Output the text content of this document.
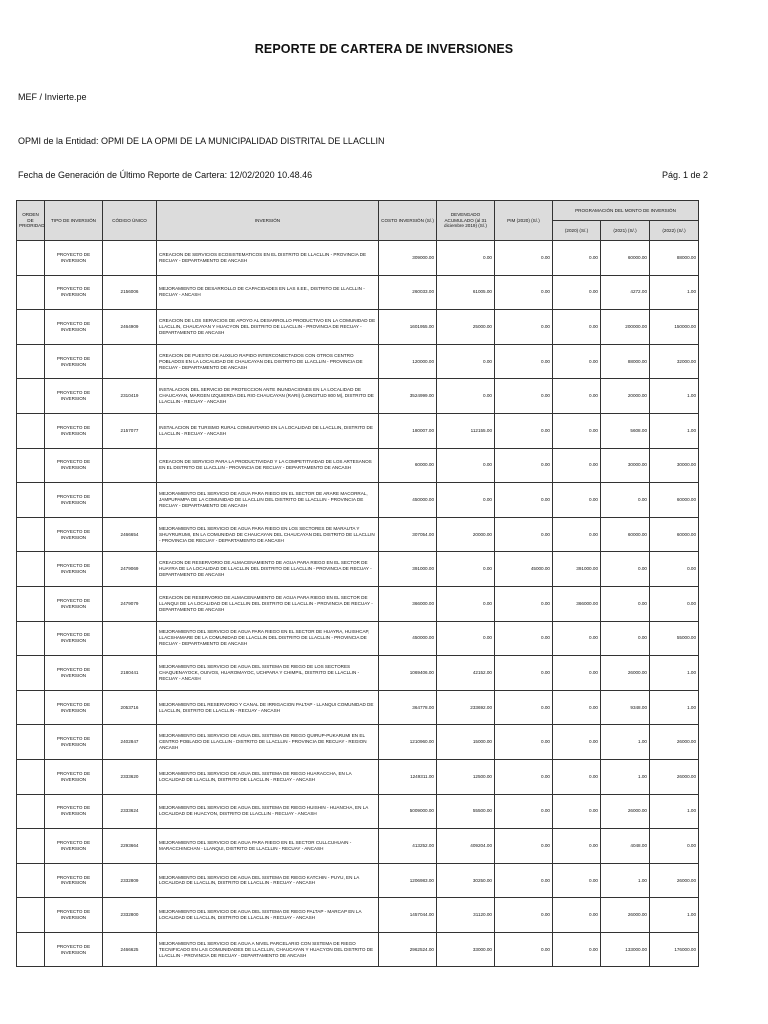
REPORTE DE CARTERA DE INVERSIONES
MEF / Invierte.pe
OPMI de la Entidad: OPMI DE LA OPMI DE LA MUNICIPALIDAD DISTRITAL DE LLACLLIN
Fecha de Generación de Último Reporte de Cartera: 12/02/2020 10.48.46	Pág. 1 de 2
ORDEN DE PRIORIDAD	TIPO DE INVERSIÓN	CÓDIGO ÚNICO	INVERSIÓN	COSTO INVERSIÓN (S/.)	DEVENGADO ACUMULADO (al 31 diciembre 2019) (S/.)	PIM (2020) (S/.)	PROGRAMACIÓN DEL MONTO DE INVERSIÓN		
							(2020) (S/.)	(2021) (S/.)	(2022) (S/.)
	PROYECTO DE INVERSION		CREACION DE SERVICIOS ECOSISTEMATICOS EN EL DISTRITO DE LLACLLIN - PROVINCIA DE RECUAY - DEPARTAMENTO DE ANCASH	309000.00	0.00	0.00	0.00	60000.00	88000.00
	PROYECTO DE INVERSION	2156006	MEJORAMIENTO DE DESARROLLO DE CAPACIDADES EN LAS II.EE., DISTRITO DE LLACLLIN - RECUAY - ANCASH	260033.00	61005.00	0.00	0.00	4272.00	1.00
	PROYECTO DE INVERSION	2464909	CREACION DE LOS SERVICIOS DE APOYO AL DESARROLLO PRODUCTIVO EN LA COMUNIDAD DE LLACLLIN, CHAUCAYAN Y HUACYON DEL DISTRITO DE LLACLLIN - PROVINCIA DE RECUAY - DEPARTAMENTO DE ANCASH	1601955.00	25000.00	0.00	0.00	200000.00	150000.00
	PROYECTO DE INVERSION		CREACION DE PUESTO DE AUXILIO RAPIDO INTERCONECTADOS CON OTROS CENTRO POBLADOS EN LA LOCALIDAD DE CHAUCAYAN DEL DISTRITO DE LLACLLIN - PROVINCIA DE RECUAY - DEPARTAMENTO DE ANCASH	120000.00	0.00	0.00	0.00	88000.00	32000.00
	PROYECTO DE INVERSION	2310419	INSTALACION DEL SERVICIO DE PROTECCION ANTE INUNDACIONES EN LA LOCALIDAD DE CHAUCAYAN, MARGEN IZQUIERDA DEL RIO CHAUCAYAN (RARI) (LONGITUD 800 M), DISTRITO DE LLACLLIN - RECUAY - ANCASH	3524999.00	0.00	0.00	0.00	20000.00	1.00
	PROYECTO DE INVERSION	2157077	INSTALACION DE TURISMO RURAL COMUNITARIO EN LA LOCALIDAD DE LLACLLIN, DISTRITO DE LLACLLIN - RECUAY - ANCASH	180007.00	112155.00	0.00	0.00	5608.00	1.00
	PROYECTO DE INVERSION		CREACION DE SERVICIO PARA LA PRODUCTIVIDAD Y LA COMPETITIVIDAD DE LOS ARTESANOS EN EL DISTRITO DE LLACLLIN - PROVINCIA DE RECUAY - DEPARTAMENTO DE ANCASH	60000.00	0.00	0.00	0.00	30000.00	30000.00
	PROYECTO DE INVERSION		MEJORAMIENTO DEL SERVICIO DE AGUA PARA RIEGO EN EL SECTOR DE ARARE MACORRAL, JAMPUPAMPA DE LA COMUNIDAD DE LLACLLIN DEL DISTRITO DE LLACLLIN - PROVINCIA DE RECUAY - DEPARTAMENTO DE ANCASH	450000.00	0.00	0.00	0.00	0.00	60000.00
	PROYECTO DE INVERSION	2466654	MEJORAMIENTO DEL SERVICIO DE AGUA PARA RIEGO EN LOS SECTORES DE MARAUTA Y SHUYRURUMI, EN LA COMUNIDAD DE CHAUCAYAN DEL CHAUCAYAN DEL DISTRITO DE LLACLLIN - PROVINCIA DE RECUAY - DEPARTAMENTO DE ANCASH	307054.00	20000.00	0.00	0.00	60000.00	60000.00
	PROYECTO DE INVERSION	2479069	CREACION DE RESERVORIO DE ALMACENAMIENTO DE AGUA PARA RIEGO EN EL SECTOR DE HUAYRA DE LA LOCALIDAD DE LLACLLIN DEL DISTRITO DE LLACLLIN - PROVINCIA DE RECUAY - DEPARTAMENTO DE ANCASH	391000.00	0.00	45000.00	391000.00	0.00	0.00
	PROYECTO DE INVERSION	2479079	CREACION DE RESERVORIO DE ALMACENAMIENTO DE AGUA PARA RIEGO EN EL SECTOR DE LLANQUI DE LA LOCALIDAD DE LLACLLIN DEL DISTRITO DE LLACLLIN - PROVINCIA DE RECUAY - DEPARTAMENTO DE ANCASH	366000.00	0.00	0.00	366000.00	0.00	0.00
	PROYECTO DE INVERSION		MEJORAMIENTO DEL SERVICIO DE AGUA PARA RIEGO EN EL SECTOR DE HUAYRA, HUISHCAP, LLACSHAMARE DE LA COMUNIDAD DE LLACLLIN DEL DISTRITO DE LLACLLIN - PROVINCIA DE RECUAY - DEPARTAMENTO DE ANCASH	450000.00	0.00	0.00	0.00	0.00	55000.00
	PROYECTO DE INVERSION	2180441	MEJORAMIENTO DEL SERVICIO DE AGUA DEL SISTEMA DE RIEGO DE LOS SECTORES CHAQUENAYOCK, OUIVOS, HUAROMAYOC, UCHPARA Y CHIMPIL, DISTRITO DE LLACLLIN - RECUAY - ANCASH	1069406.00	42152.00	0.00	0.00	26000.00	1.00
	PROYECTO DE INVERSION	2053716	MEJORAMIENTO DEL RESERVORIO Y CANAL DE IRRIGACION PALTAP - LLANQUI COMUNIDAD DE LLACLLIN, DISTRITO DE LLACLLIN - RECUAY - ANCASH	364778.00	233692.00	0.00	0.00	9348.00	1.00
	PROYECTO DE INVERSION	2402847	MEJORAMIENTO DEL SERVICIO DE AGUA DEL SISTEMA DE RIEGO QUIRUP-PUKARUMI EN EL CENTRO POBLADO DE LLACLLIN - DISTRITO DE LLACLLIN - PROVINCIA DE RECUAY - REGION ANCASH	1210960.00	15000.00	0.00	0.00	1.00	26000.00
	PROYECTO DE INVERSION	2333620	MEJORAMIENTO DEL SERVICIO DE AGUA DEL SISTEMA DE RIEGO HUARACCHA, EN LA LOCALIDAD DE LLACLLIN, DISTRITO DE LLACLLIN - RECUAY - ANCASH	1249311.00	12500.00	0.00	0.00	1.00	26000.00
	PROYECTO DE INVERSION	2333624	MEJORAMIENTO DEL SERVICIO DE AGUA DEL SISTEMA DE RIEGO HUISHIN - HUANCHA, EN LA LOCALIDAD DE HUACYON, DISTRITO DE LLACLLIN - RECUAY - ANCASH	5009000.00	55500.00	0.00	0.00	26000.00	1.00
	PROYECTO DE INVERSION	2293664	MEJORAMIENTO DEL SERVICIO DE AGUA PARA RIEGO EN EL SECTOR CULLCUHUAIN - MARACCHINCHAN - LLANQUI, DISTRITO DE LLACLLIN - RECUAY - ANCASH	413252.00	409204.00	0.00	0.00	4048.00	0.00
	PROYECTO DE INVERSION	2332809	MEJORAMIENTO DEL SERVICIO DE AGUA DEL SISTEMA DE RIEGO KATCHIN - PUYU, EN LA LOCALIDAD DE LLACLLIN, DISTRITO DE LLACLLIN - RECUAY - ANCASH	1206983.00	30250.00	0.00	0.00	1.00	26000.00
	PROYECTO DE INVERSION	2332800	MEJORAMIENTO DEL SERVICIO DE AGUA DEL SISTEMA DE RIEGO PALTAP - MARCAP EN LA LOCALIDAD DE LLACLLIN, DISTRITO DE LLACLLIN - RECUAY - ANCASH	1457044.00	31120.00	0.00	0.00	26000.00	1.00
	PROYECTO DE INVERSION	2466625	MEJORAMIENTO DEL SERVICIO DE AGUA A NIVEL PARCELARIO CON SISTEMA DE RIEGO TECNIFICADO EN LAS COMUNIDADES DE LLACLLIN, CHAUCAYAN Y HUACYON DEL DISTRITO DE LLACLLIN - PROVINCIA DE RECUAY - DEPARTAMENTO DE ANCASH	2962524.00	33000.00	0.00	0.00	133000.00	176000.00
